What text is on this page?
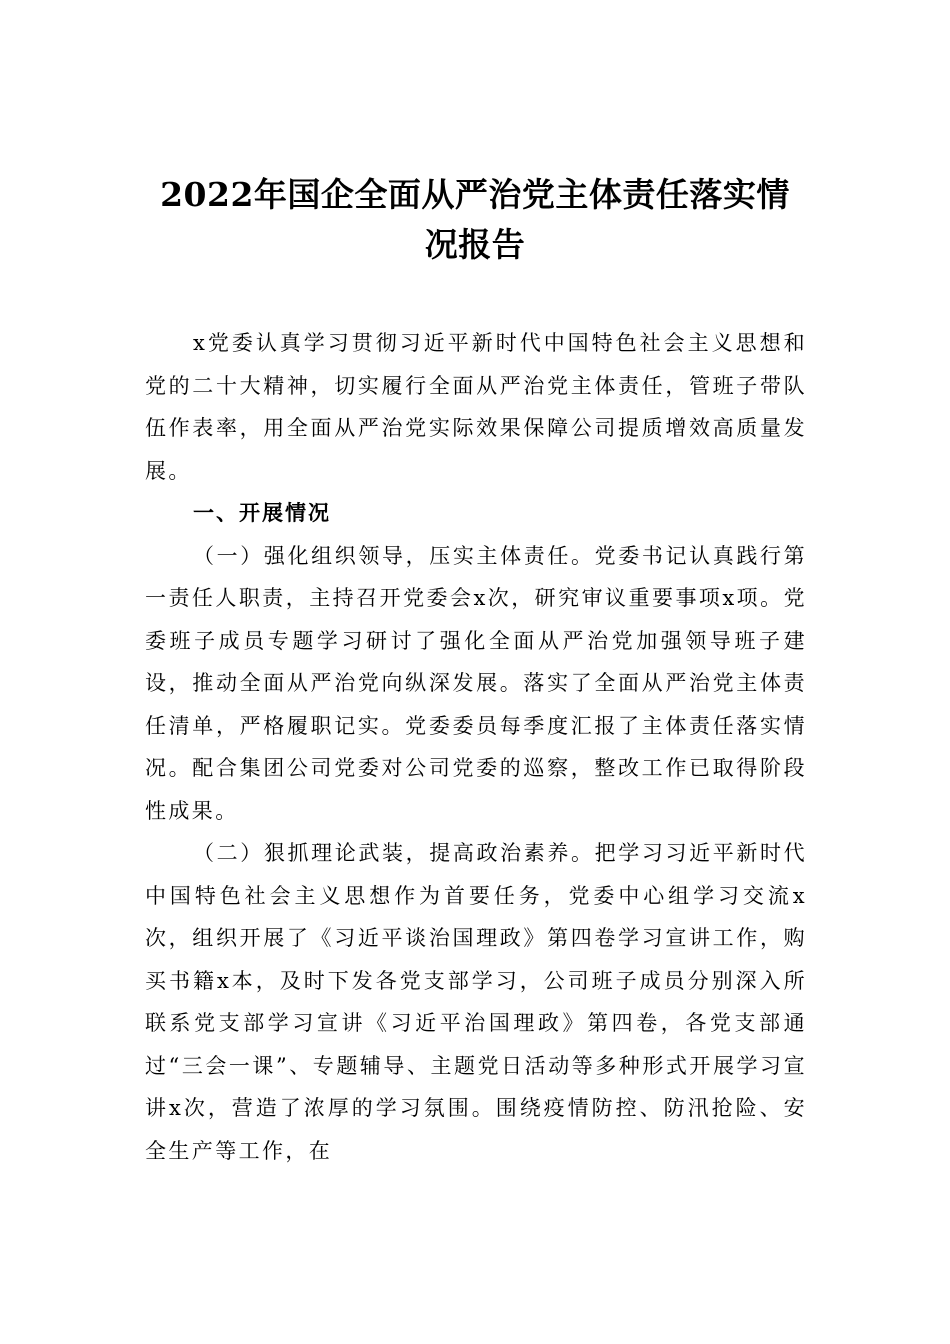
2022年国企全面从严治党主体责任落实情
况报告

x党委认真学习贯彻习近平新时代中国特色社会主义思想和党的二十大精神，切实履行全面从严治党主体责任，管班子带队伍作表率，用全面从严治党实际效果保障公司提质增效高质量发展。

一、开展情况

（一）强化组织领导，压实主体责任。党委书记认真践行第一责任人职责，主持召开党委会x次，研究审议重要事项x项。党委班子成员专题学习研讨了强化全面从严治党加强领导班子建设，推动全面从严治党向纵深发展。落实了全面从严治党主体责任清单，严格履职记实。党委委员每季度汇报了主体责任落实情况。配合集团公司党委对公司党委的巡察，整改工作已取得阶段性成果。

（二）狠抓理论武装，提高政治素养。把学习习近平新时代中国特色社会主义思想作为首要任务，党委中心组学习交流x次，组织开展了《习近平谈治国理政》第四卷学习宣讲工作，购买书籍x本，及时下发各党支部学习，公司班子成员分别深入所联系党支部学习宣讲《习近平治国理政》第四卷，各党支部通过“三会一课”、专题辅导、主题党日活动等多种形式开展学习宣讲x次，营造了浓厚的学习氛围。围绕疫情防控、防汛抢险、安全生产等工作，在
